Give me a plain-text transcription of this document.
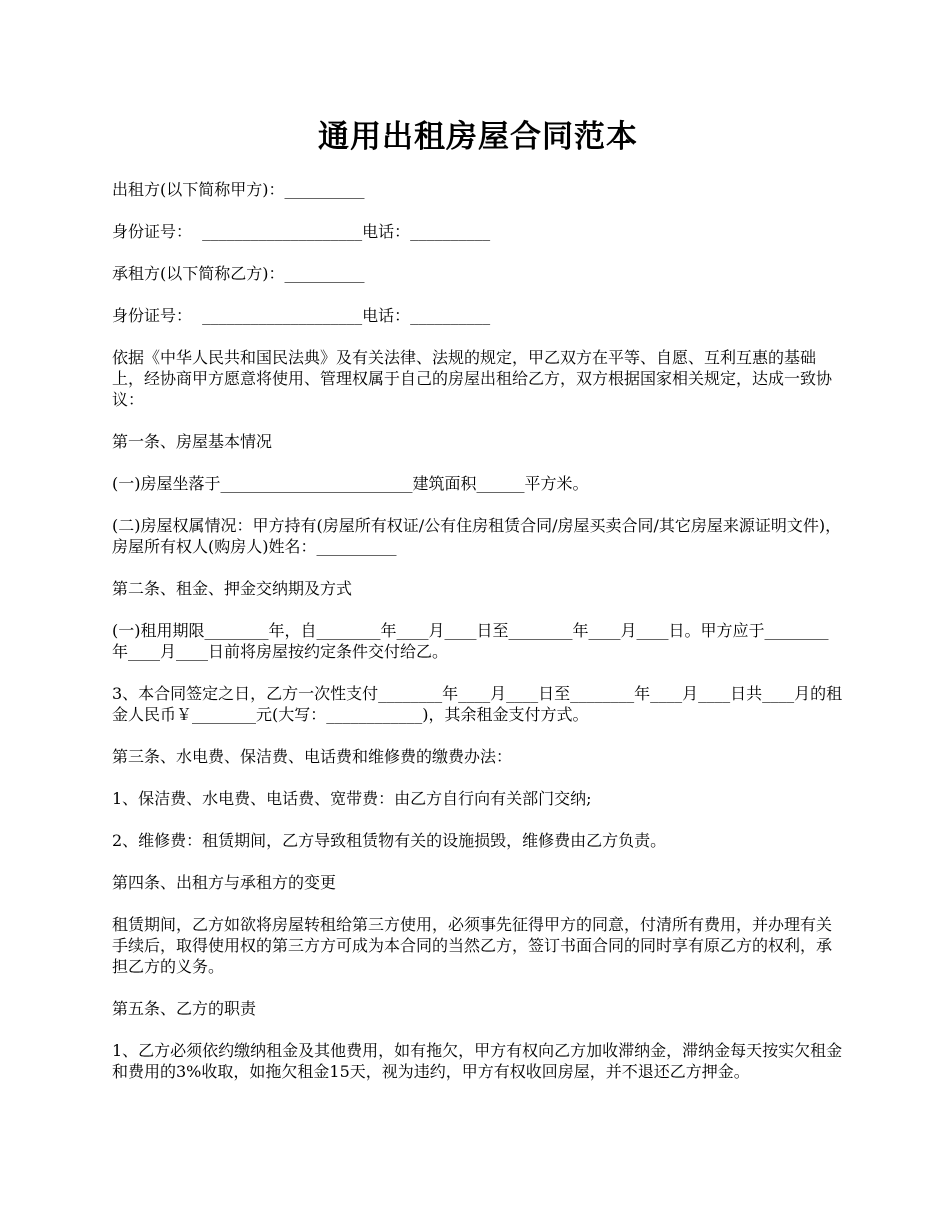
通用出租房屋合同范本

出租方(以下简称甲方)：__________

身份证号：  ____________________电话：__________

承租方(以下简称乙方)：__________

身份证号：  ____________________电话：__________

依据《中华人民共和国民法典》及有关法律、法规的规定，甲乙双方在平等、自愿、互利互惠的基础上，经协商甲方愿意将使用、管理权属于自己的房屋出租给乙方，双方根据国家相关规定，达成一致协议：

第一条、房屋基本情况

(一)房屋坐落于________________________建筑面积______平方米。

(二)房屋权属情况：甲方持有(房屋所有权证/公有住房租赁合同/房屋买卖合同/其它房屋来源证明文件)，房屋所有权人(购房人)姓名：__________

第二条、租金、押金交纳期及方式

(一)租用期限________年，自________年____月____日至________年____月____日。甲方应于________年____月____日前将房屋按约定条件交付给乙。

3、本合同签定之日，乙方一次性支付________年____月____日至________年____月____日共____月的租金人民币￥________元(大写：____________)，其余租金支付方式。

第三条、水电费、保洁费、电话费和维修费的缴费办法：

1、保洁费、水电费、电话费、宽带费：由乙方自行向有关部门交纳;

2、维修费：租赁期间，乙方导致租赁物有关的设施损毁，维修费由乙方负责。

第四条、出租方与承租方的变更

租赁期间，乙方如欲将房屋转租给第三方使用，必须事先征得甲方的同意，付清所有费用，并办理有关手续后，取得使用权的第三方方可成为本合同的当然乙方，签订书面合同的同时享有原乙方的权利，承担乙方的义务。

第五条、乙方的职责

1、乙方必须依约缴纳租金及其他费用，如有拖欠，甲方有权向乙方加收滞纳金，滞纳金每天按实欠租金和费用的3%收取，如拖欠租金15天，视为违约，甲方有权收回房屋，并不退还乙方押金。
